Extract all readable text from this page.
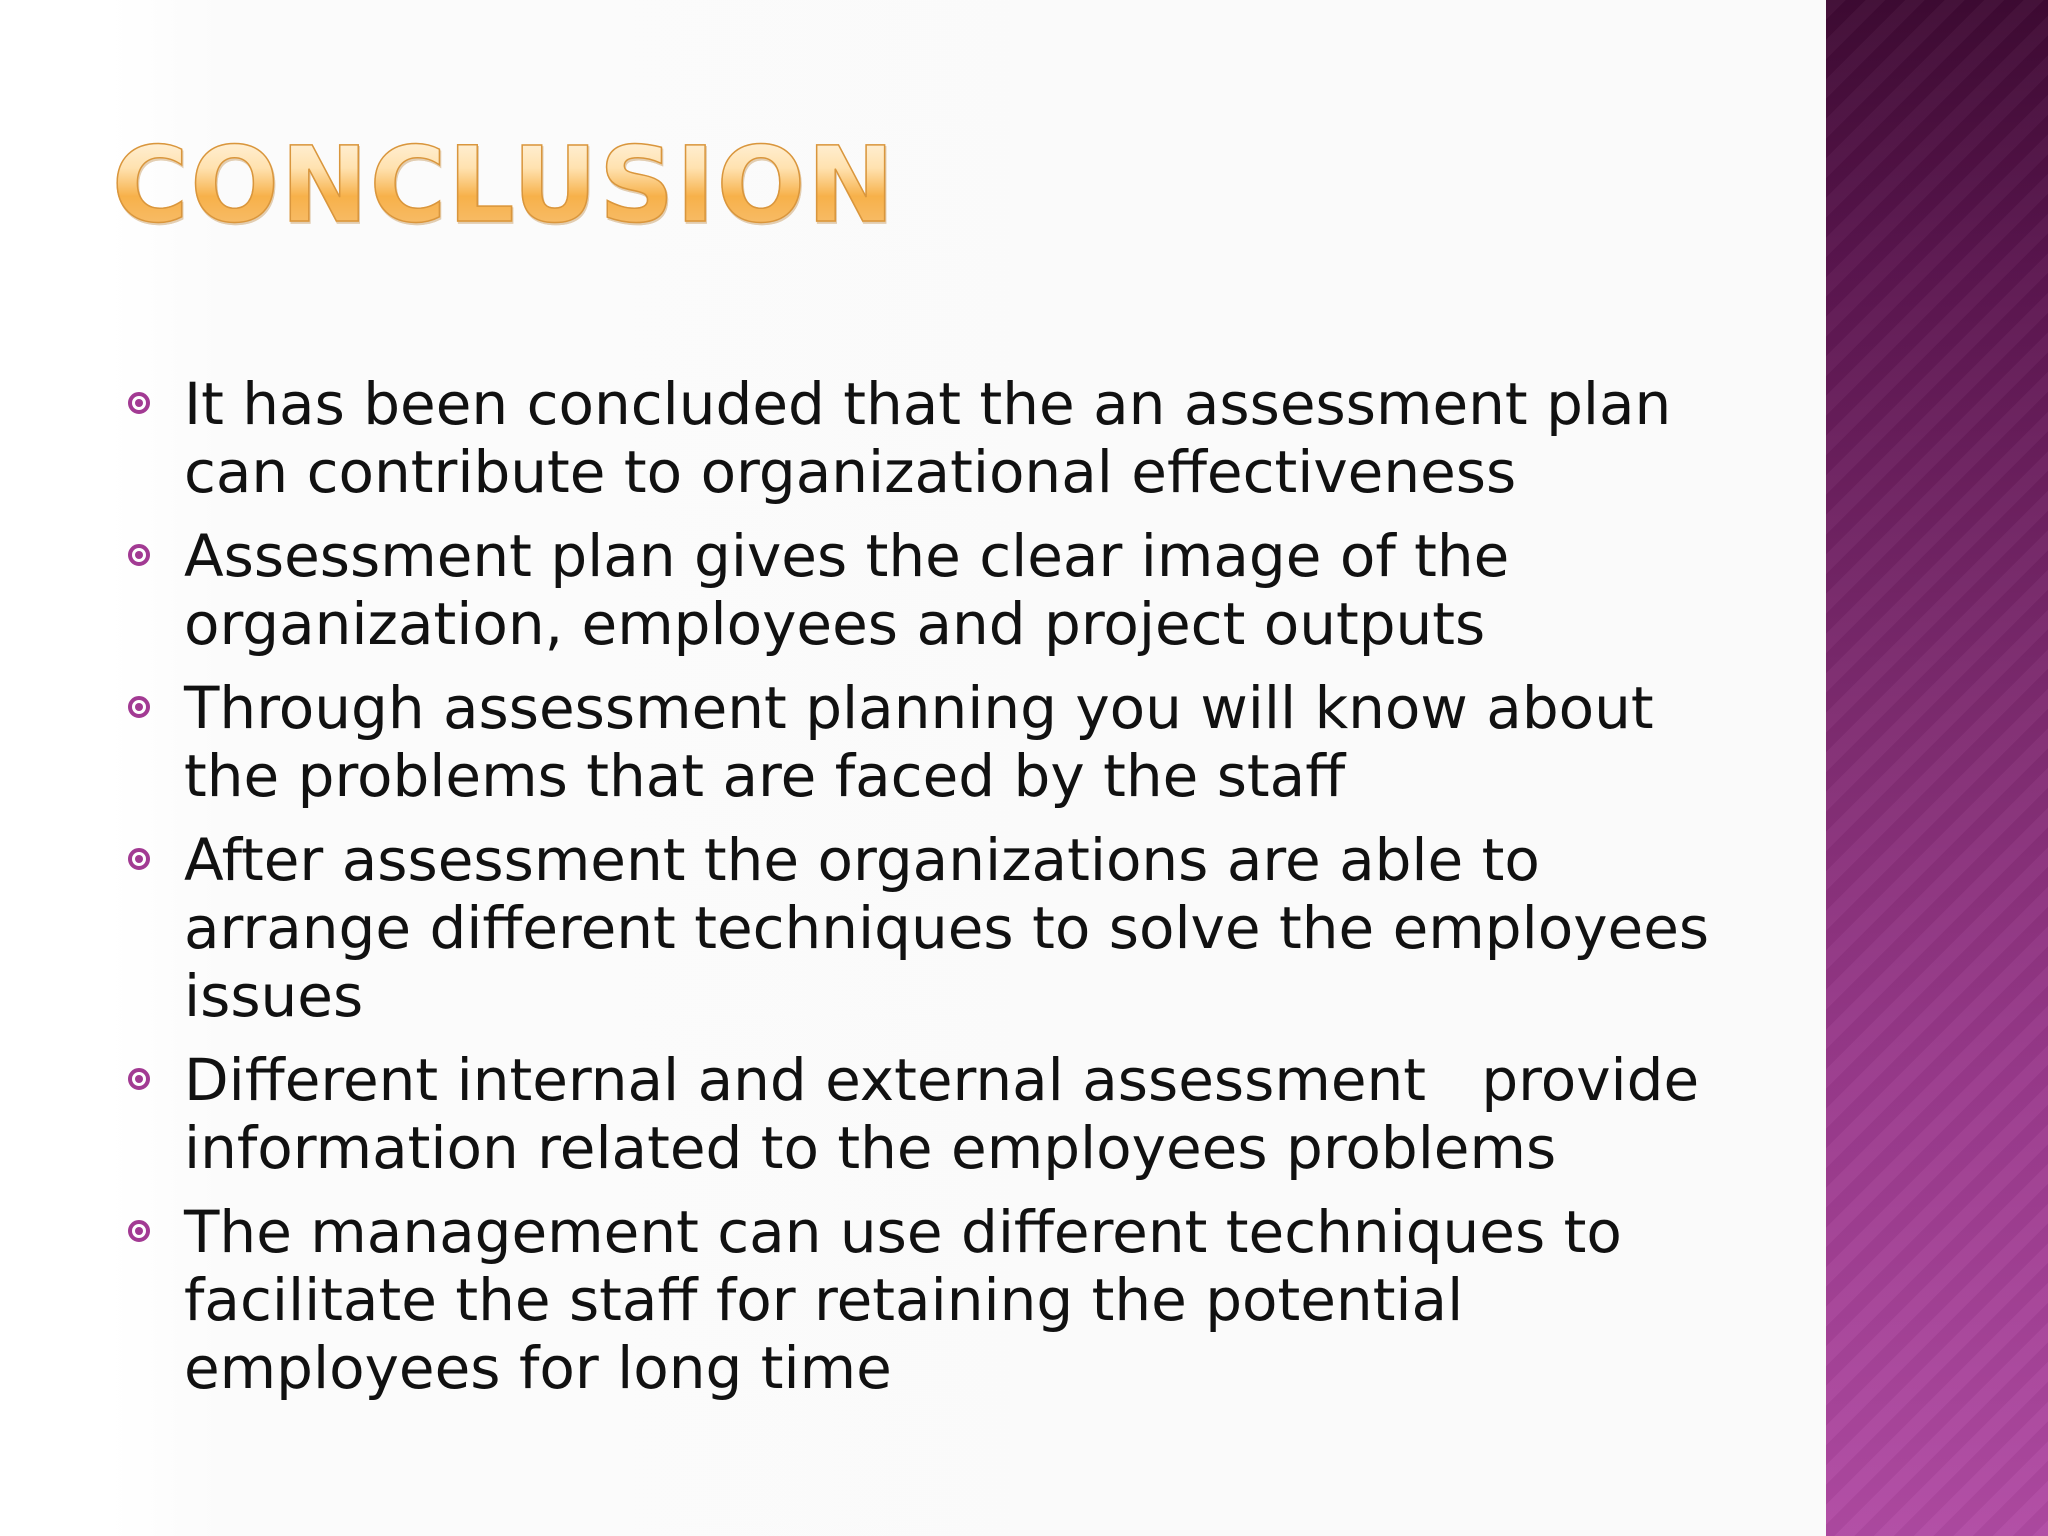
CONCLUSION
It has been concluded that the an assessment plan can contribute to organizational effectiveness
Assessment plan gives the clear image of the organization, employees and project outputs
Through assessment planning you will know about the problems that are faced by the staff
After assessment the organizations are able to arrange different techniques to solve the employees issues
Different internal and external assessment   provide information related to the employees problems
The management can use different techniques to facilitate the staff for retaining the potential employees for long time
